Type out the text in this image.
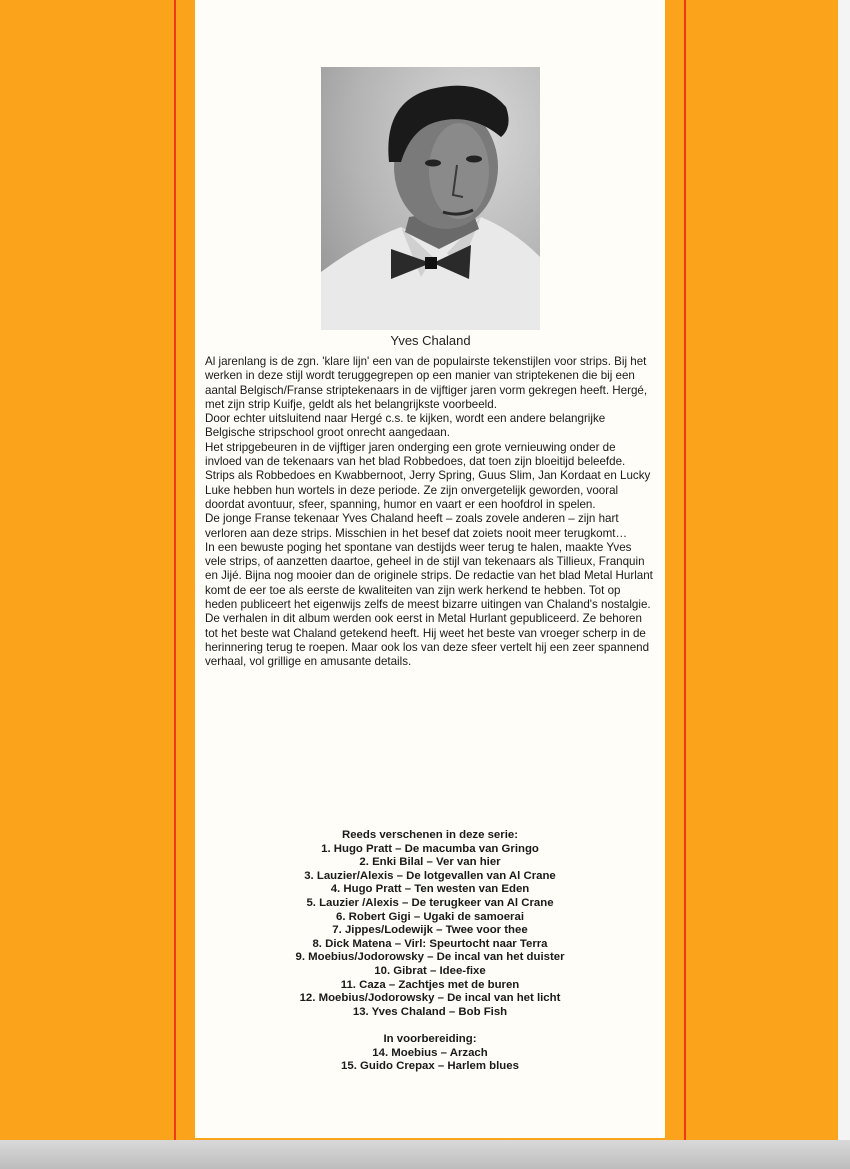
Yves Chaland

Al jarenlang is de zgn. 'klare lijn' een van de populairste tekenstijlen voor strips. Bij het werken in deze stijl wordt teruggegrepen op een manier van striptekenen die bij een aantal Belgisch/Franse striptekenaars in de vijftiger jaren vorm gekregen heeft. Hergé, met zijn strip Kuifje, geldt als het belangrijkste voorbeeld.

Door echter uitsluitend naar Hergé c.s. te kijken, wordt een andere belangrijke Belgische stripschool groot onrecht aangedaan.

Het stripgebeuren in de vijftiger jaren onderging een grote vernieuwing onder de invloed van de tekenaars van het blad Robbedoes, dat toen zijn bloeitijd beleefde. Strips als Robbedoes en Kwabbernoot, Jerry Spring, Guus Slim, Jan Kordaat en Lucky Luke hebben hun wortels in deze periode. Ze zijn onvergetelijk geworden, vooral doordat avontuur, sfeer, spanning, humor en vaart er een hoofdrol in spelen.

De jonge Franse tekenaar Yves Chaland heeft – zoals zovele anderen – zijn hart verloren aan deze strips. Misschien in het besef dat zoiets nooit meer terugkomt…

In een bewuste poging het spontane van destijds weer terug te halen, maakte Yves vele strips, of aanzetten daartoe, geheel in de stijl van tekenaars als Tillieux, Franquin en Jijé. Bijna nog mooier dan de originele strips. De redactie van het blad Metal Hurlant komt de eer toe als eerste de kwaliteiten van zijn werk herkend te hebben. Tot op heden publiceert het eigenwijs zelfs de meest bizarre uitingen van Chaland's nostalgie.

De verhalen in dit album werden ook eerst in Metal Hurlant gepubliceerd. Ze behoren tot het beste wat Chaland getekend heeft. Hij weet het beste van vroeger scherp in de herinnering terug te roepen. Maar ook los van deze sfeer vertelt hij een zeer spannend verhaal, vol grillige en amusante details.

Reeds verschenen in deze serie:

1. Hugo Pratt – De macumba van Gringo
2. Enki Bilal – Ver van hier
3. Lauzier/Alexis – De lotgevallen van Al Crane
4. Hugo Pratt – Ten westen van Eden
5. Lauzier /Alexis – De terugkeer van Al Crane
6. Robert Gigi – Ugaki de samoerai
7. Jippes/Lodewijk – Twee voor thee
8. Dick Matena – Virl: Speurtocht naar Terra
9. Moebius/Jodorowsky – De incal van het duister
10. Gibrat – Idee-fixe
11. Caza – Zachtjes met de buren
12. Moebius/Jodorowsky – De incal van het licht
13. Yves Chaland – Bob Fish

In voorbereiding:

14. Moebius – Arzach
15. Guido Crepax – Harlem blues
